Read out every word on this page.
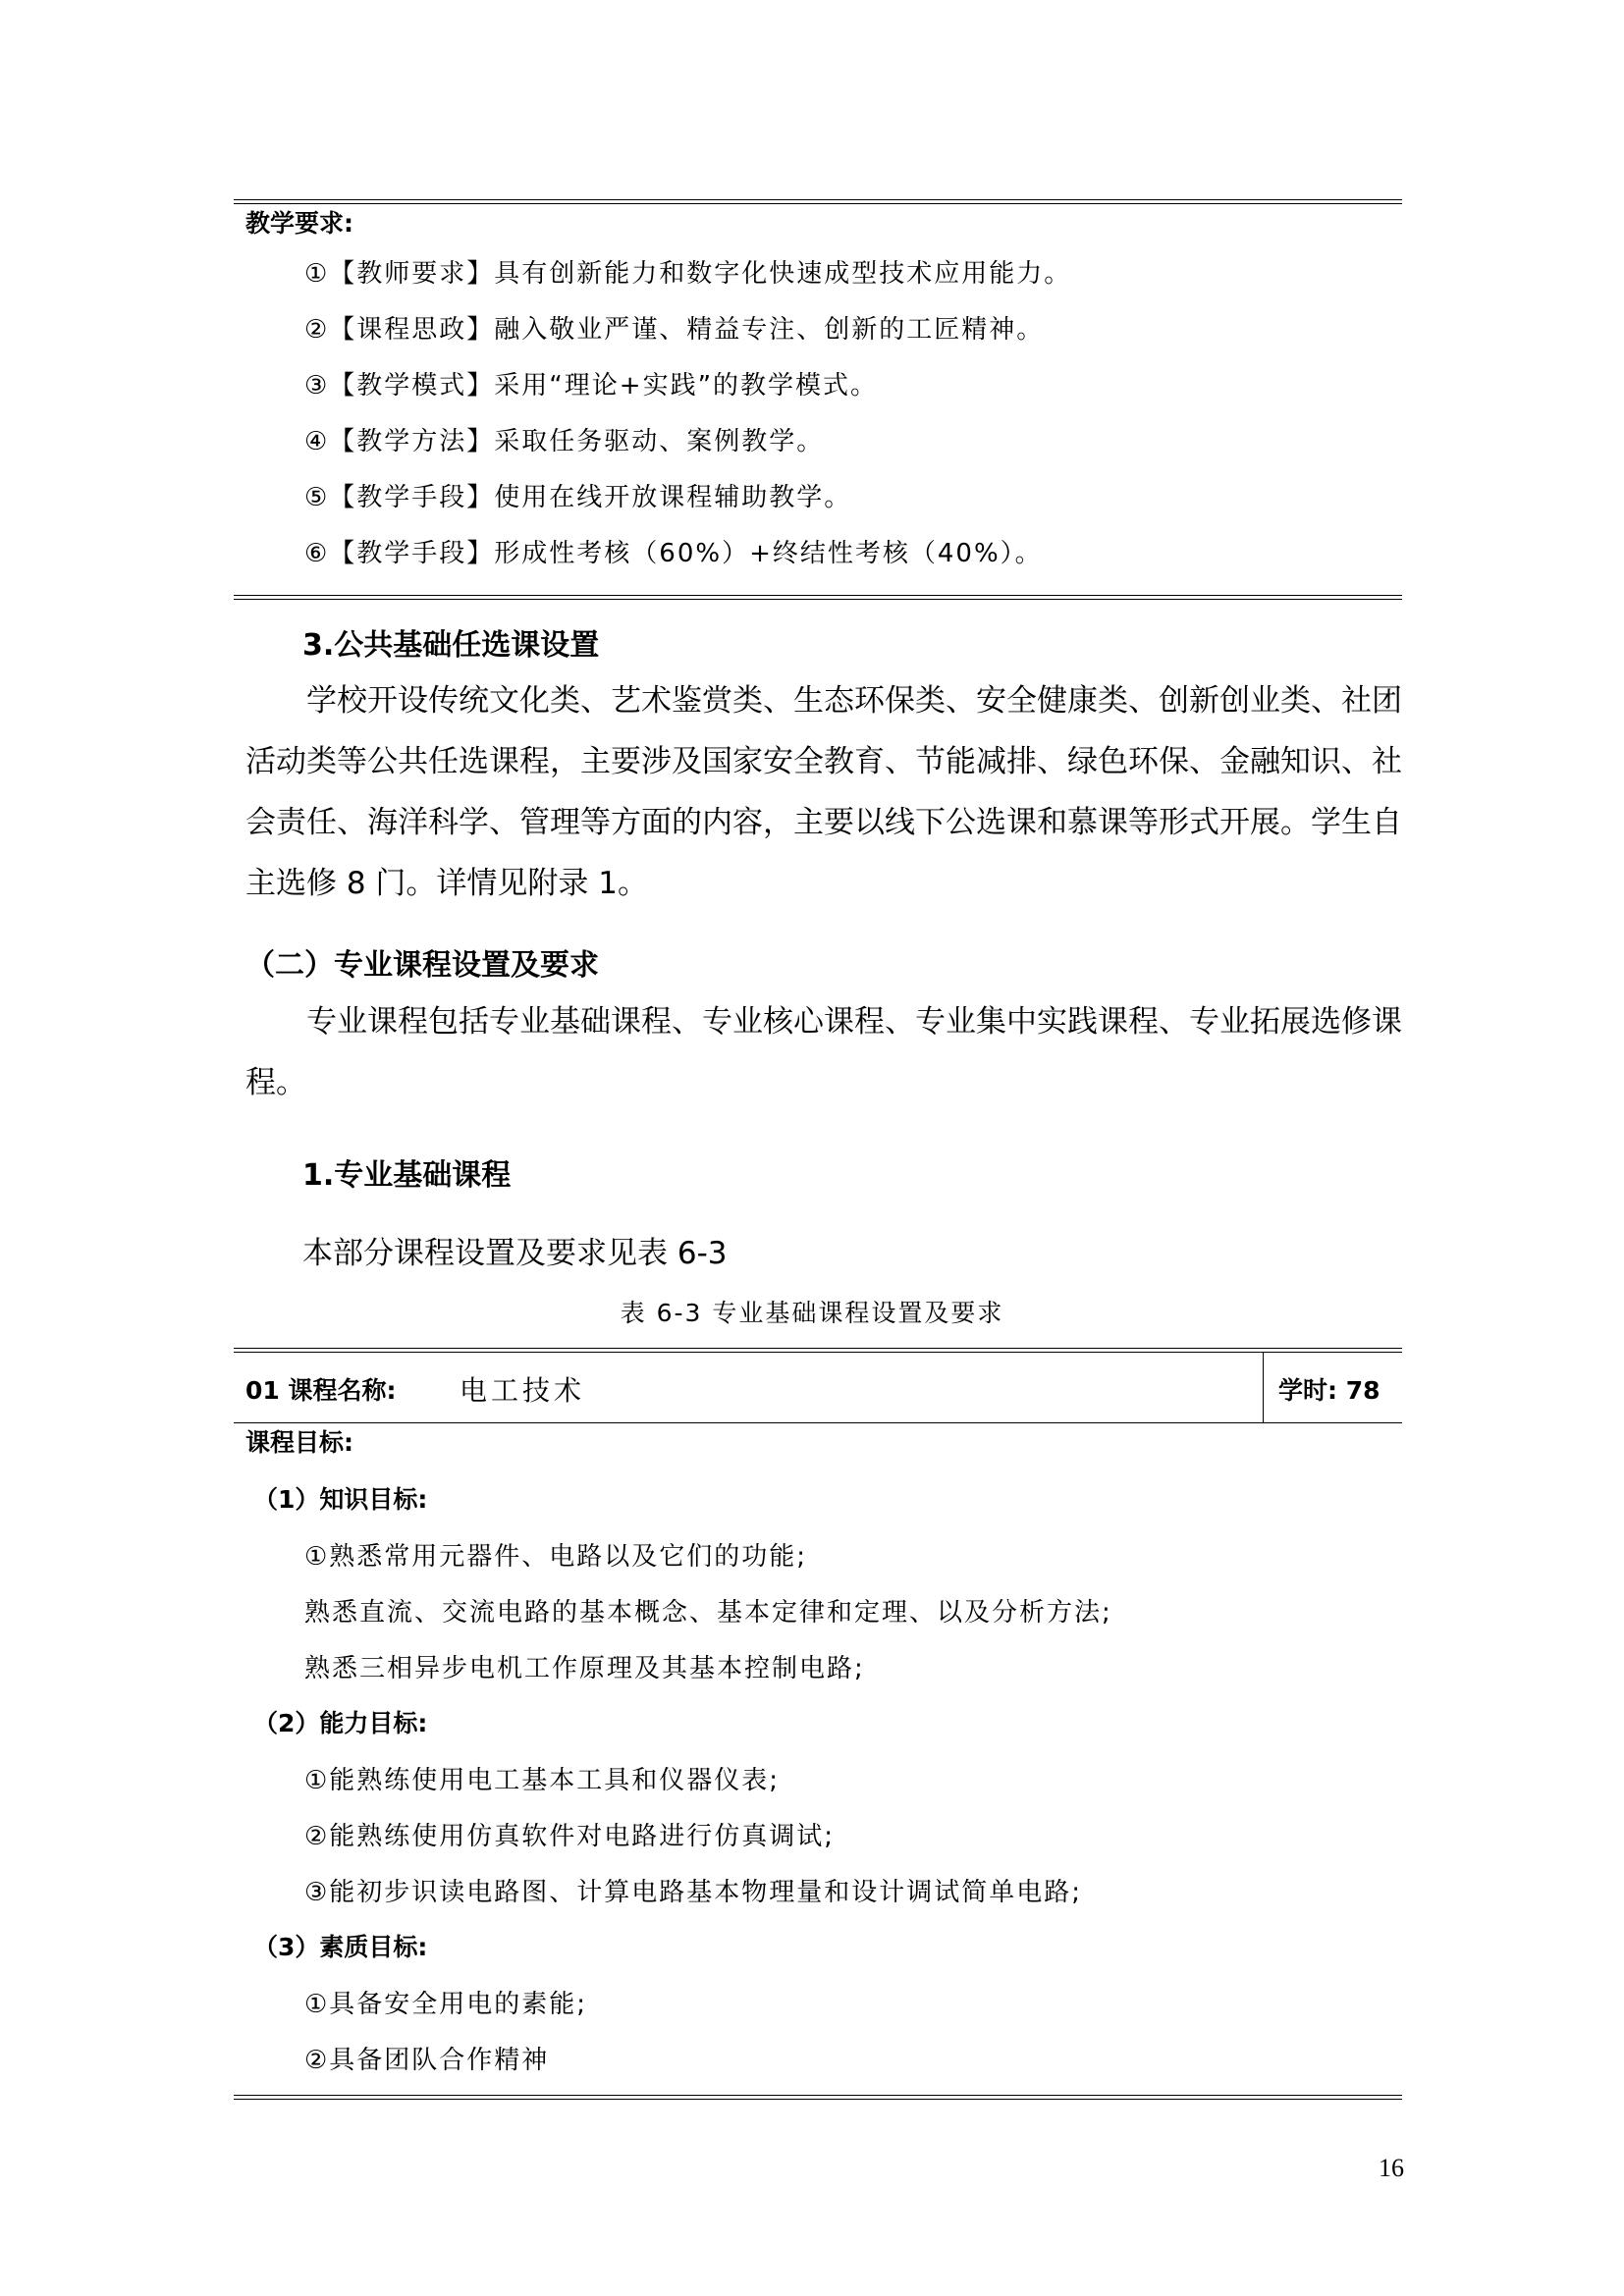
教学要求:
①【教师要求】具有创新能力和数字化快速成型技术应用能力。
②【课程思政】融入敬业严谨、精益专注、创新的工匠精神。
③【教学模式】采用“理论+实践”的教学模式。
④【教学方法】采取任务驱动、案例教学。
⑤【教学手段】使用在线开放课程辅助教学。
⑥【教学手段】形成性考核（60%）+终结性考核（40%）。
3.公共基础任选课设置

学校开设传统文化类、艺术鉴赏类、生态环保类、安全健康类、创新创业类、社团活动类等公共任选课程，主要涉及国家安全教育、节能减排、绿色环保、金融知识、社会责任、海洋科学、管理等方面的内容，主要以线下公选课和慕课等形式开展。学生自主选修 8 门。详情见附录 1。

（二）专业课程设置及要求

专业课程包括专业基础课程、专业核心课程、专业集中实践课程、专业拓展选修课程。

1.专业基础课程
本部分课程设置及要求见表 6-3
表 6-3 专业基础课程设置及要求
01 课程名称: 电工技术	学时: 78
课程目标:
（1）知识目标:
①熟悉常用元器件、电路以及它们的功能;
熟悉直流、交流电路的基本概念、基本定律和定理、以及分析方法;
熟悉三相异步电机工作原理及其基本控制电路;
（2）能力目标:
①能熟练使用电工基本工具和仪器仪表;
②能熟练使用仿真软件对电路进行仿真调试;
③能初步识读电路图、计算电路基本物理量和设计调试简单电路;
（3）素质目标:
①具备安全用电的素能;
②具备团队合作精神
16
